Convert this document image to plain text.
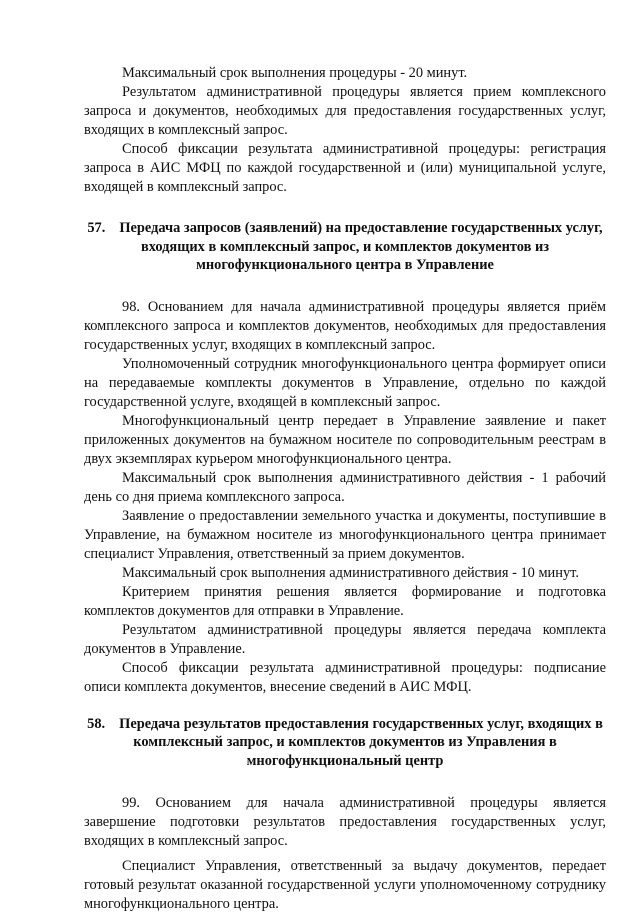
Максимальный срок выполнения процедуры - 20 минут.

Результатом административной процедуры является прием комплексного запроса и документов, необходимых для предоставления государственных услуг, входящих в комплексный запрос.

Способ фиксации результата административной процедуры: регистрация запроса в АИС МФЦ по каждой государственной и (или) муниципальной услуге, входящей в комплексный запрос.

57. Передача запросов (заявлений) на предоставление государственных услуг, входящих в комплексный запрос, и комплектов документов из многофункционального центра в Управление

98. Основанием для начала административной процедуры является приём комплексного запроса и комплектов документов, необходимых для предоставления государственных услуг, входящих в комплексный запрос.

Уполномоченный сотрудник многофункционального центра формирует описи на передаваемые комплекты документов в Управление, отдельно по каждой государственной услуге, входящей в комплексный запрос.

Многофункциональный центр передает в Управление заявление и пакет приложенных документов на бумажном носителе по сопроводительным реестрам в двух экземплярах курьером многофункционального центра.

Максимальный срок выполнения административного действия - 1 рабочий день со дня приема комплексного запроса.

Заявление о предоставлении земельного участка и документы, поступившие в Управление, на бумажном носителе из многофункционального центра принимает специалист Управления, ответственный за прием документов.

Максимальный срок выполнения административного действия - 10 минут.

Критерием принятия решения является формирование и подготовка комплектов документов для отправки в Управление.

Результатом административной процедуры является передача комплекта документов в Управление.

Способ фиксации результата административной процедуры: подписание описи комплекта документов, внесение сведений в АИС МФЦ.

58. Передача результатов предоставления государственных услуг, входящих в комплексный запрос, и комплектов документов из Управления в многофункциональный центр

99. Основанием для начала административной процедуры является завершение подготовки результатов предоставления государственных услуг, входящих в комплексный запрос.

Специалист Управления, ответственный за выдачу документов, передает готовый результат оказанной государственной услуги уполномоченному сотруднику многофункционального центра.
